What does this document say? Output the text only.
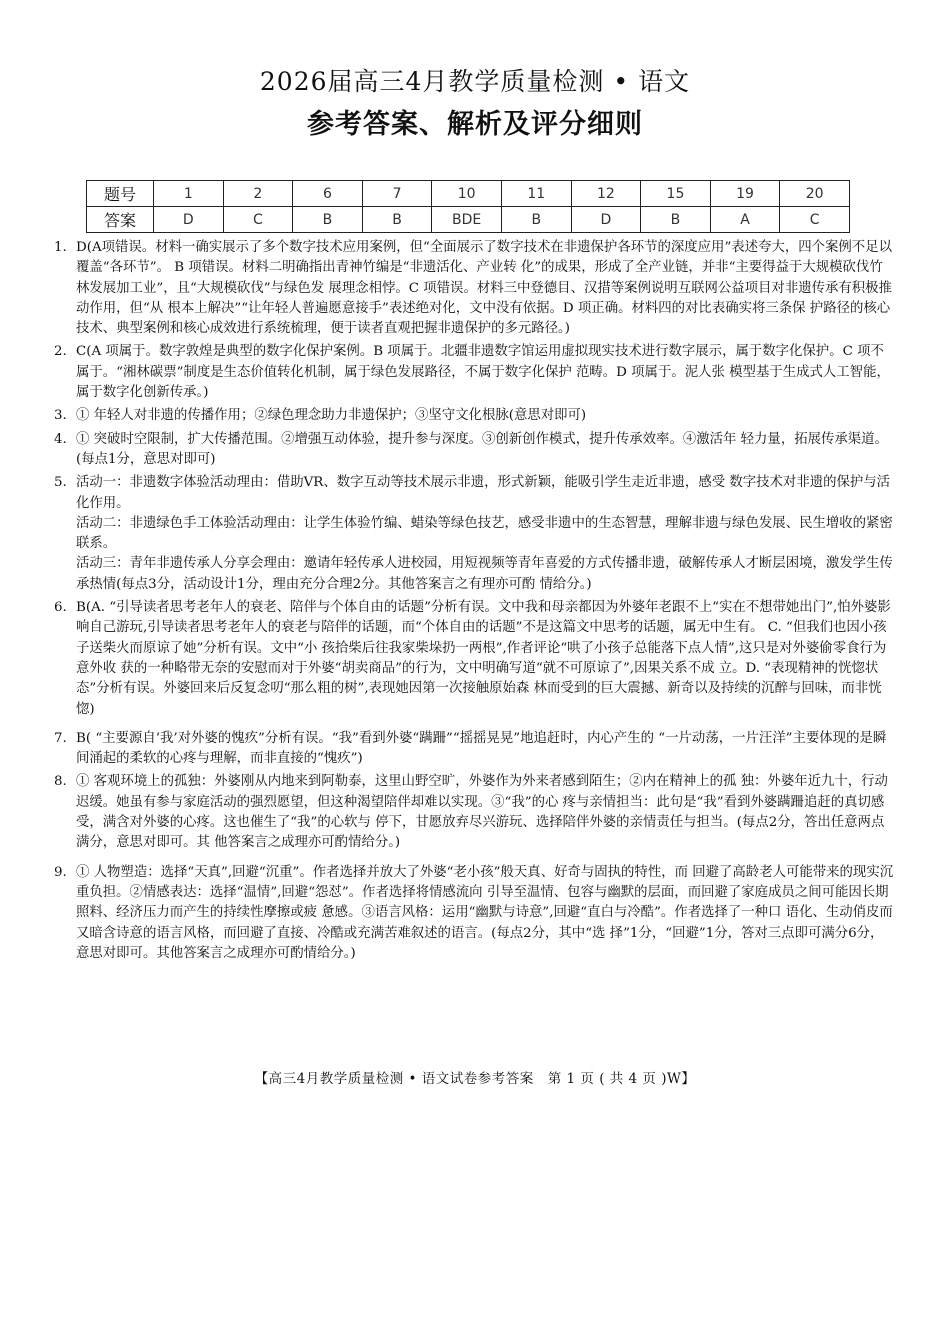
2026届高三4月教学质量检测 • 语文
参考答案、解析及评分细则
题号	1	2	6	7	10	11	12	15	19	20
答案	D	C	B	B	BDE	B	D	B	A	C

1. D(A项错误。材料一确实展示了多个数字技术应用案例，但“全面展示了数字技术在非遗保护各环节的深度应用”表述夸大，四个案例不足以覆盖“各环节”。 B 项错误。材料二明确指出青神竹编是“非遗活化、产业转 化”的成果，形成了全产业链，并非“主要得益于大规模砍伐竹林发展加工业”，且“大规模砍伐”与绿色发 展理念相悖。C 项错误。材料三中登德目、汉措等案例说明互联网公益项目对非遗传承有积极推动作用，但“从 根本上解决”“让年轻人普遍愿意接手”表述绝对化，文中没有依据。D 项正确。材料四的对比表确实将三条保 护路径的核心技术、典型案例和核心成效进行系统梳理，便于读者直观把握非遗保护的多元路径。)

2. C(A 项属于。数字敦煌是典型的数字化保护案例。B 项属于。北疆非遗数字馆运用虚拟现实技术进行数字展示，属于数字化保护。C 项不属于。“湘林碳票”制度是生态价值转化机制，属于绿色发展路径，不属于数字化保护 范畴。D 项属于。泥人张 模型基于生成式人工智能，属于数字化创新传承。)

3. ① 年轻人对非遗的传播作用；②绿色理念助力非遗保护；③坚守文化根脉(意思对即可)

4. ① 突破时空限制，扩大传播范围。②增强互动体验，提升参与深度。③创新创作模式，提升传承效率。④激活年 轻力量，拓展传承渠道。(每点1分，意思对即可)

5. 活动一：非遗数字体验活动理由：借助VR、数字互动等技术展示非遗，形式新颖，能吸引学生走近非遗，感受 数字技术对非遗的保护与活化作用。

活动二：非遗绿色手工体验活动理由：让学生体验竹编、蜡染等绿色技艺，感受非遗中的生态智慧，理解非遗与绿色发展、民生增收的紧密联系。

活动三：青年非遗传承人分享会理由：邀请年轻传承人进校园，用短视频等青年喜爱的方式传播非遗，破解传承人才断层困境，激发学生传承热情(每点3分，活动设计1分，理由充分合理2分。其他答案言之有理亦可酌 情给分。)

6. B(A. “引导读者思考老年人的衰老、陪伴与个体自由的话题”分析有误。文中我和母亲都因为外婆年老跟不上“实在不想带她出门”,怕外婆影响自己游玩,引导读者思考老年人的衰老与陪伴的话题，而“个体自由的话题”不是这篇文中思考的话题，属无中生有。 C. “但我们也因小孩子送柴火而原谅了她”分析有误。文中“小 孩拾柴后往我家柴垛扔一两根”,作者评论“哄了小孩子总能落下点人情”,这只是对外婆偷零食行为意外收 获的一种略带无奈的安慰而对于外婆“胡卖商品”的行为，文中明确写道“就不可原谅了”,因果关系不成 立。D. “表现精神的恍惚状态”分析有误。外婆回来后反复念叨“那么粗的树”,表现她因第一次接触原始森 林而受到的巨大震撼、新奇以及持续的沉醉与回味，而非恍惚)

7. B( “主要源自‘我’对外婆的愧疚”分析有误。“我”看到外婆“蹒跚”“摇摇晃晃”地追赶时，内心产生的 “一片动荡，一片汪洋”主要体现的是瞬间涌起的柔软的心疼与理解，而非直接的“愧疚”)

8. ① 客观环境上的孤独：外婆刚从内地来到阿勒泰，这里山野空旷，外婆作为外来者感到陌生；②内在精神上的孤 独：外婆年近九十，行动迟缓。她虽有参与家庭活动的强烈愿望，但这种渴望陪伴却难以实现。③“我”的心 疼与亲情担当：此句是“我”看到外婆蹒跚追赶的真切感受，满含对外婆的心疼。这也催生了“我”的心软与 停下，甘愿放弃尽兴游玩、选择陪伴外婆的亲情责任与担当。(每点2分，答出任意两点满分，意思对即可。其 他答案言之成理亦可酌情给分。)

9. ① 人物塑造：选择“天真”,回避“沉重”。作者选择并放大了外婆“老小孩”般天真、好奇与固执的特性，而 回避了高龄老人可能带来的现实沉重负担。②情感表达：选择“温情”,回避“怨怼”。作者选择将情感流向 引导至温情、包容与幽默的层面，而回避了家庭成员之间可能因长期照料、经济压力而产生的持续性摩擦或疲 惫感。③语言风格：运用“幽默与诗意”,回避“直白与冷酷”。作者选择了一种口 语化、生动俏皮而又暗含诗意的语言风格，而回避了直接、冷酷或充满苦难叙述的语言。(每点2分，其中“选 择”1分，“回避”1分，答对三点即可满分6分，意思对即可。其他答案言之成理亦可酌情给分。)

【高三4月教学质量检测 • 语文试卷参考答案　第 1 页 ( 共 4 页 )W】
